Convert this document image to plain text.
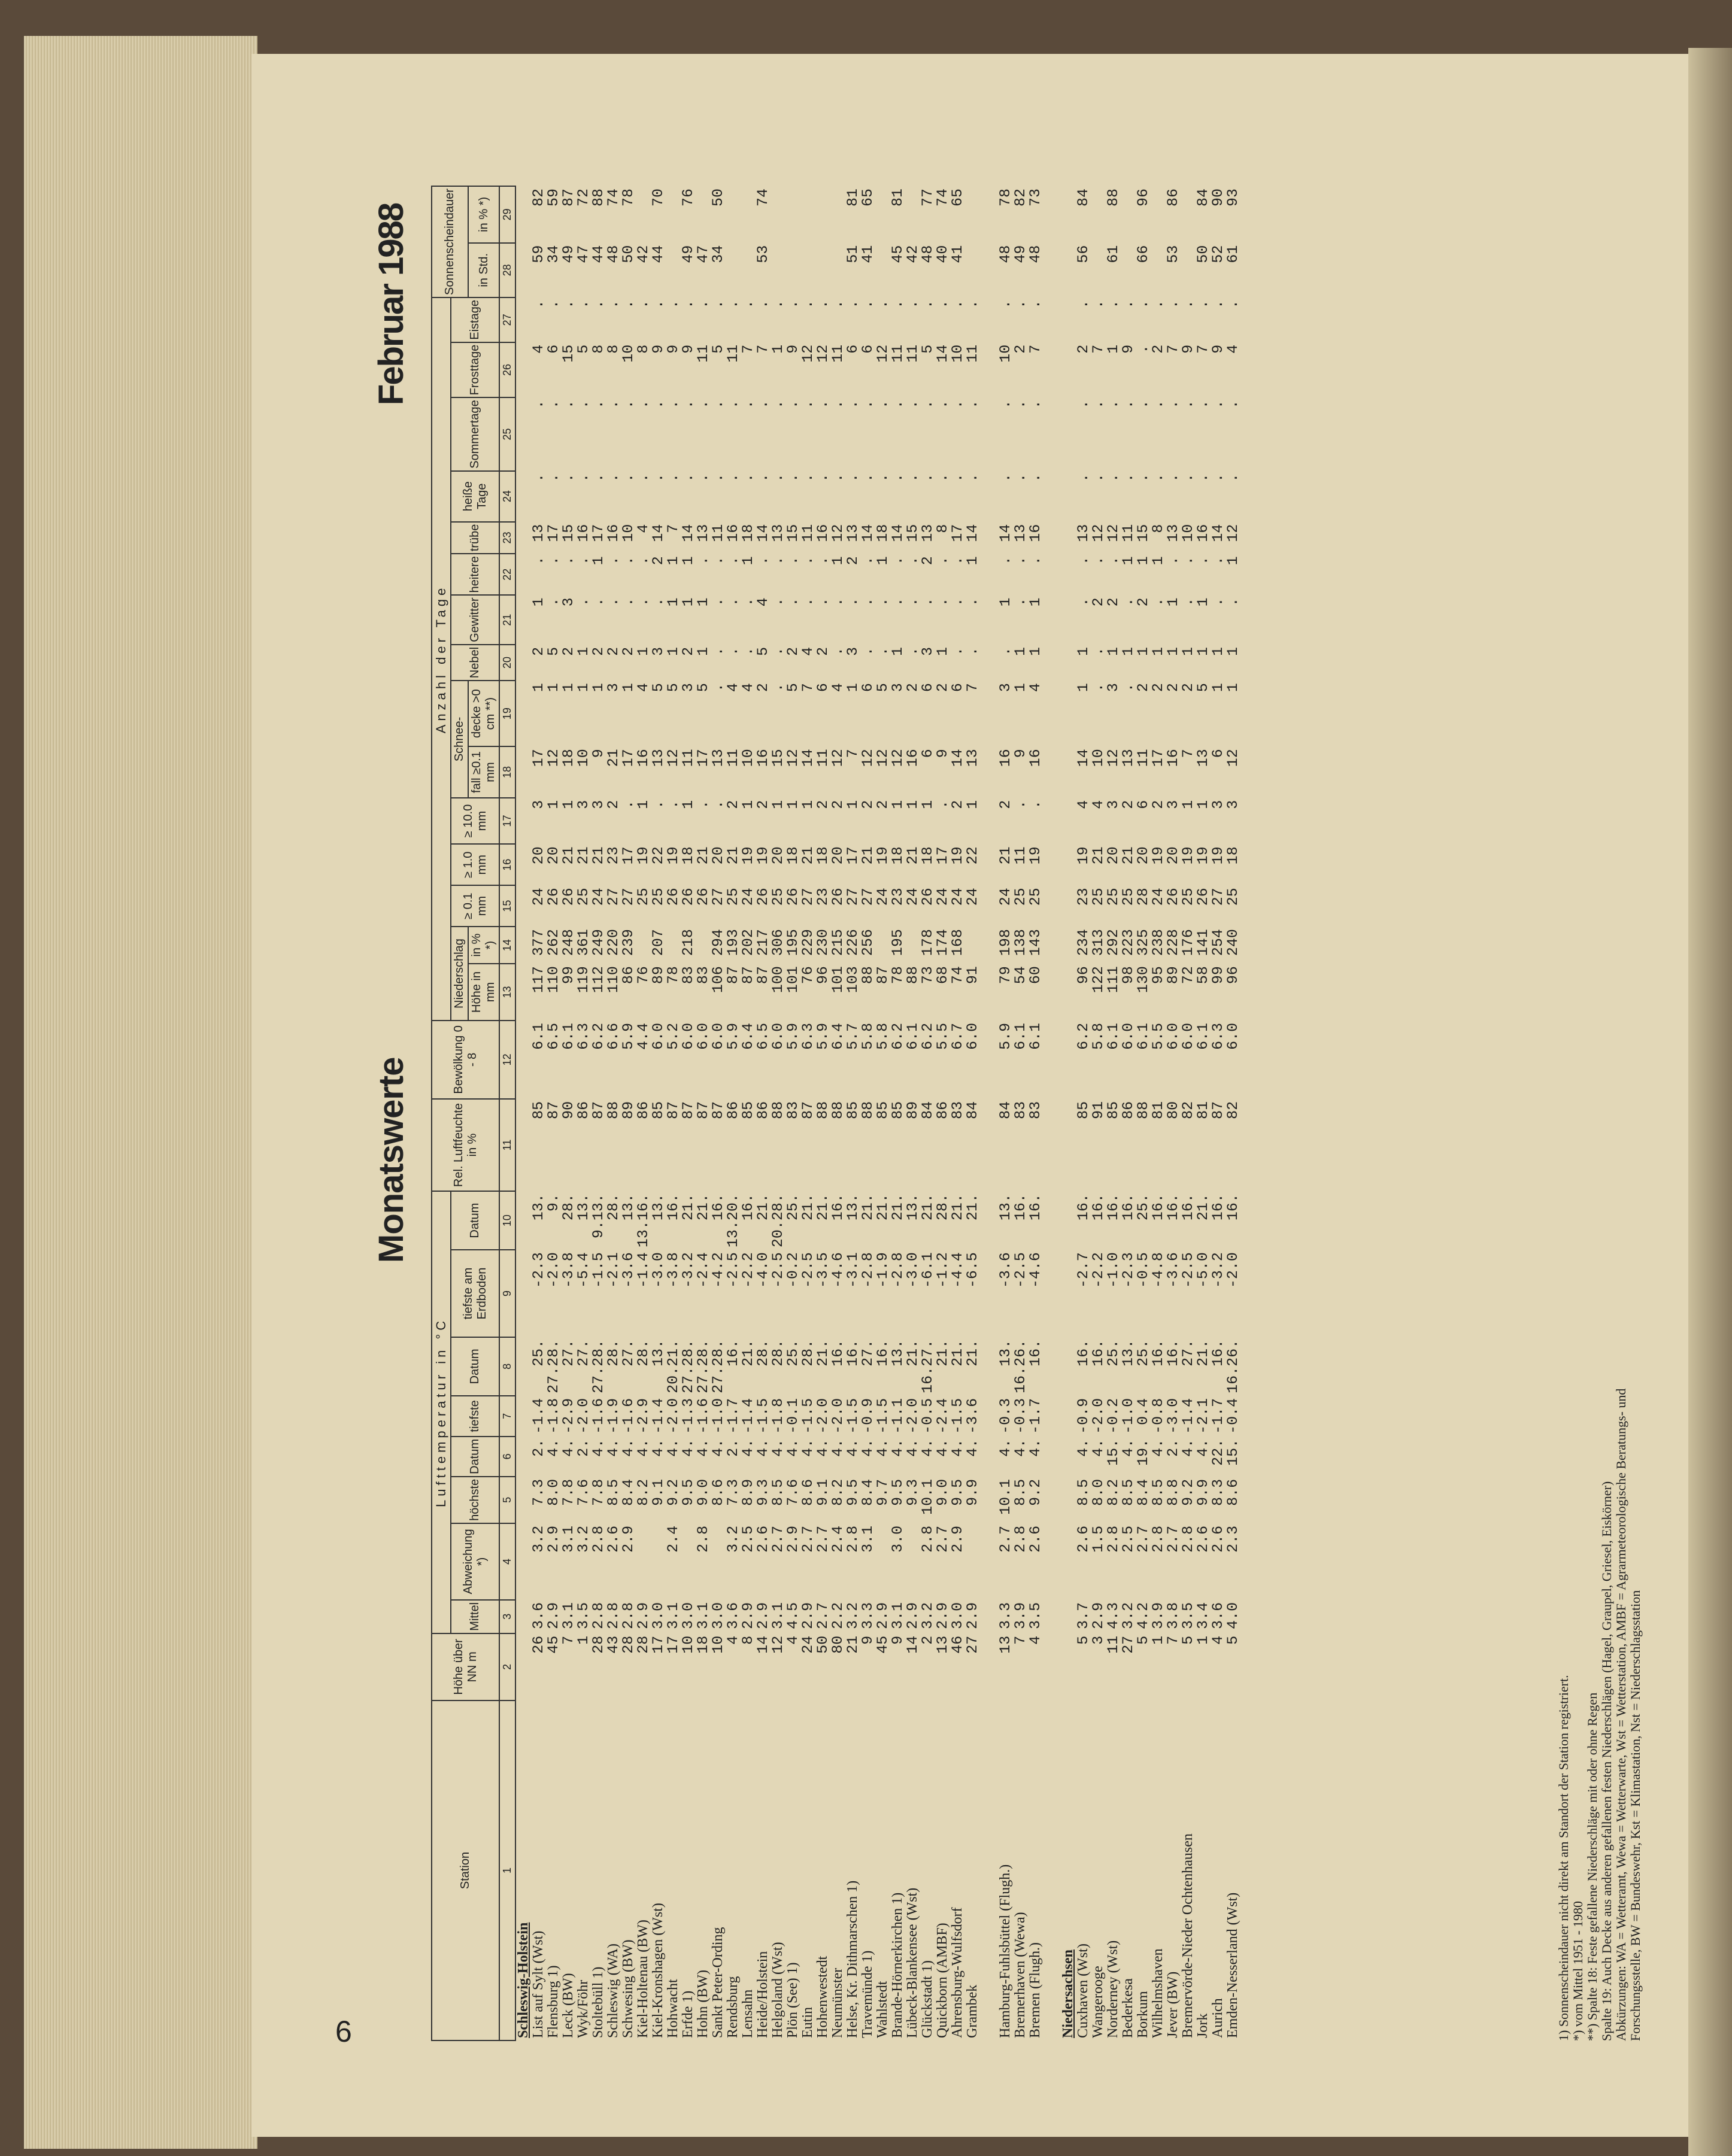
6
Monatswerte
Februar 1988
Station	Höhe über NN m	Lufttemperatur in °C								Rel. Luftfeuchte in %	Bewölkung 0 - 8	Anzahl der Tage															Sonnenscheindauer	
		Mittel	Abweichung *)	höchste	Datum	tiefste	Datum	tiefste am Erdboden	Datum			Niederschlag		≥ 0.1 mm	≥ 1.0 mm	≥ 10.0 mm	Schnee-		Nebel	Gewitter	heitere	trübe	heiße Tage	Sommertage	Frosttage	Eistage		
												Höhe in mm	in % *)				fall ≥0.1 mm	decke >0 cm **)									in Std.	in % *)
1	2	3	4	5	6	7	8	9	10	11	12	13	14	15	16	17	18	19	20	21	22	23	24	25	26	27	28	29
Schleswig-Holstein																												
List auf Sylt (Wst)	26	3.6	3.2	7.3	2.	-1.4	25.	-2.3	13.	85	6.1	117	377	24	20	3	17	1	2	1	.	13	.	.	4	.	59	82
Flensburg 1)	45	2.9	2.9	8.0	4.	-1.8	27.28.	-2.0	9.	87	6.5	110	262	26	20	1	12	1	5	.	.	17	.	.	6	.	34	59
Leck (BW)	7	3.1	3.1	7.8	4.	-2.9	27.	-3.8	28.	90	6.1	99	248	26	21	1	18	1	2	3	.	15	.	.	15	.	49	87
Wyk/Föhr	1	3.5	3.2	7.6	2.	-2.0	27.	-5.4	13.	86	6.3	119	361	25	21	3	10	1	1	.	.	16	.	.	5	.	47	72
Stoltebüll 1)	28	2.8	2.8	7.8	4.	-1.6	27.28.	-1.5	9.13.	87	6.2	112	249	24	21	3	9	1	2	.	1	17	.	.	8	.	44	88
Schleswig (WA)	43	2.8	2.6	8.5	4.	-1.9	28.	-2.1	28.	88	6.6	110	220	27	23	2	21	3	2	.	.	16	.	.	8	.	48	74
Schwesing (BW)	28	2.8	2.9	8.4	4.	-1.6	27.	-3.6	13.	89	5.9	86	239	27	17	.	17	1	2	.	.	10	.	.	10	.	50	78
Kiel-Holtenau (BW)	28	2.9		8.2	4.	-2.9	28.	-1.4	13.16.	86	4.4	76		25	19	1	16	4	1	.	.	4	.	.	8	.	42	
Kiel-Kronshagen (Wst)	17	3.0		9.1	4.	-1.4	13.	-3.0	13.	85	6.0	89	207	25	22	.	13	5	3	.	2	14	.	.	9	.	44	70
Hohwacht	17	3.1	2.4	9.2	4.	-2.0	20.21.	-3.8	16.	87	5.2	78		26	19	.	12	5	1	1	1	7	.	.	9	.		
Erfde 1)	10	3.0		9.5	4.	-1.3	27.28.	-3.2	21.	87	6.0	83	218	26	18	1	11	3	2	1	1	14	.	.	9	.	49	76
Hohn (BW)	18	3.1	2.8	9.0	4.	-1.6	27.28.	-2.4	21.	87	6.0	83		26	21	.	17	5	1	1	.	13	.	.	11	.	47	
Sankt Peter-Ording	10	3.0		8.6	4.	-1.0	27.28.	-4.2	16.	87	6.0	106	294	27	20	.	13	.	.	.	.	11	.	.	5	.	34	50
Rendsburg	4	3.6	3.2	7.3	2.	-1.7	16.	-2.5	13.20.	86	5.9	87	193	25	21	2	11	4	.	.	.	16	.	.	11	.		
Lensahn	8	2.9	2.5	8.9	4.	-1.4	21.	-2.2	16.	85	6.4	87	202	24	19	1	10	4	.	.	1	18	.	.	7	.		
Heide/Holstein	14	2.9	2.6	9.3	4.	-1.5	28.	-4.0	21.	86	6.5	87	217	26	19	2	16	2	5	4	.	14	.	.	7	.	53	74
Helgoland (Wst)	12	3.1	2.7	8.5	4.	-1.8	28.	-2.5	20.28.	88	6.0	100	306	25	20	1	15	.	.	.	.	13	.	.	1	.		
Plön (See) 1)	4	4.5	2.9	7.6	4.	-0.1	25.	-0.2	25.	83	5.9	101	195	26	18	1	12	5	2	.	.	15	.	.	9	.		
Eutin	24	2.9	2.7	8.6	4.	-1.5	28.	-2.5	21.	87	6.3	76	229	27	21	1	14	7	4	.	.	11	.	.	12	.		
Hohenwestedt	50	2.7	2.7	9.1	4.	-2.0	21.	-3.5	21.	88	5.9	96	230	23	18	2	11	6	2	.	.	16	.	.	12	.		
Neumünster	80	2.2	2.4	8.2	4.	-2.0	16.	-4.6	16.	88	6.4	101	215	26	20	2	12	4	.	.	1	12	.	.	11	.		
Helse, Kr. Dithmarschen 1)	21	3.2	2.8	9.5	4.	-1.5	16.	-3.1	13.	85	5.7	103	226	27	17	1	7	1	3	.	2	13	.	.	6	.	51	81
Travemünde 1)	9	3.3	3.1	8.4	4.	-0.9	27.	-2.8	21.	88	5.8	88	256	27	21	2	12	6	.	.	.	14	.	.	6	.	41	65
Wahlstedt	45	2.9		9.7	4.	-1.5	16.	-1.9	21.	85	5.8	87		24	19	2	12	5	.	.	1	18	.	.	12	.		
Brande-Hörnerkirchen 1)	9	3.1	3.0	9.5	4.	-1.1	13.	-2.8	21.	85	6.2	78	195	23	18	1	12	3	1	.	.	14	.	.	11	.	45	81
Lübeck-Blankensee (Wst)	14	2.9		9.3	4.	-2.0	21.	-3.0	13.	89	6.1	88		24	21	1	16	2	.	.	.	15	.	.	11	.	42	
Glückstadt 1)	2	3.2	2.8	10.1	4.	-0.5	16.27.	-6.1	21.	84	6.2	73	178	26	18	1	6	6	3	.	2	13	.	.	5	.	48	77
Quickborn (AMBF)	13	2.9	2.7	9.0	4.	-2.4	21.	-1.2	28.	86	5.5	68	174	24	17	.	9	2	1	.	.	8	.	.	14	.	40	74
Ahrensburg-Wulfsdorf	46	3.0	2.9	9.5	4.	-1.5	21.	-4.4	21.	83	6.7	74	168	24	19	2	14	6	.	.	.	17	.	.	10	.	41	65
Grambek	27	2.9		9.9	4.	-3.6	21.	-6.5	21.	84	6.0	91		24	22	1	13	7	.	.	1	14	.	.	11	.		

Hamburg-Fuhlsbüttel (Flugh.)	13	3.3	2.7	10.1	4.	-0.3	13.	-3.6	13.	84	5.9	79	198	24	21	2	16	3	.	1	.	14	.	.	10	.	48	78
Bremerhaven (Wewa)	7	3.9	2.8	8.5	4.	-0.3	16.26.	-2.5	16.	83	6.1	54	138	25	11	.	9	1	1	.	.	13	.	.	2	.	49	82
Bremen (Flugh.)	4	3.5	2.6	9.2	4.	-1.7	16.	-4.6	16.	83	6.1	60	143	25	19	.	16	4	1	1	.	16	.	.	7	.	48	73

Niedersachsen																												
Cuxhaven (Wst)	5	3.7	2.6	8.5	4.	-0.9	16.	-2.7	16.	85	6.2	96	234	23	19	4	14	1	1	.	.	13	.	.	2	.	56	84
Wangerooge	3	2.9	1.5	8.0	4.	-2.0	16.	-2.2	16.	91	5.8	122	313	25	21	4	10	.	.	2	.	12	.	.	7	.		
Norderney (Wst)	11	4.3	2.8	8.2	15.	-0.2	25.	-1.0	16.	85	6.1	111	292	25	20	3	12	3	1	2	.	12	.	.	1	.	61	88
Bederkesa	27	3.2	2.5	8.5	4.	-1.0	13.	-2.3	16.	86	6.0	98	223	25	21	2	13	.	1	.	1	11	.	.	9	.		
Borkum	5	4.2	2.7	8.4	19.	0.4	25.	-0.5	25.	88	6.1	130	325	28	20	6	11	2	1	2	1	15	.	.	.	.	66	96
Wilhelmshaven	1	3.9	2.8	8.5	4.	-0.8	16.	-4.8	16.	81	5.5	95	238	24	19	2	17	2	1	.	1	8	.	.	2	.		
Jever (BW)	7	3.8	2.7	8.8	2.	-3.0	16.	-3.6	16.	80	6.0	89	228	26	20	3	16	2	1	1	.	13	.	.	7	.	53	86
Bremervörde-Nieder Ochtenhausen	5	3.5	2.8	9.2	4.	-1.4	27.	-2.5	16.	82	6.0	72	176	25	19	1	7	2	1	.	.	10	.	.	9	.		
Jork	1	3.4	2.6	9.9	4.	-2.1	21.	-5.0	21.	81	6.1	58	141	26	19	1	13	5	1	1	.	16	.	.	7	.	50	84
Aurich	4	3.6	2.6	8.3	22.	-1.7	16.	-3.2	16.	87	6.3	99	254	27	19	3	6	1	1	.	.	14	.	.	9	.	52	90
Emden-Nesserland (Wst)	5	4.0	2.3	8.6	15.	-0.4	16.26.	-2.0	16.	82	6.0	96	240	25	18	3	12	1	1	.	1	12	.	.	4	.	61	93
1) Sonnenscheindauer nicht direkt am Standort der Station registriert. *) vom Mittel 1951 - 1980 **) Spalte 18: Feste gefallene Niederschläge mit oder ohne Regen Spalte 19: Auch Decke aus anderen gefallenen festen Niederschlägen (Hagel, Graupel, Griesel, Eiskörner) Abkürzungen: WA = Wetteramt, Wewa = Wetterwarte, Wst = Wetterstation, AMBF = Agrarmeteorologische Beratungs- und Forschungsstelle, BW = Bundeswehr, Kst = Klimastation, Nst = Niederschlagsstation
